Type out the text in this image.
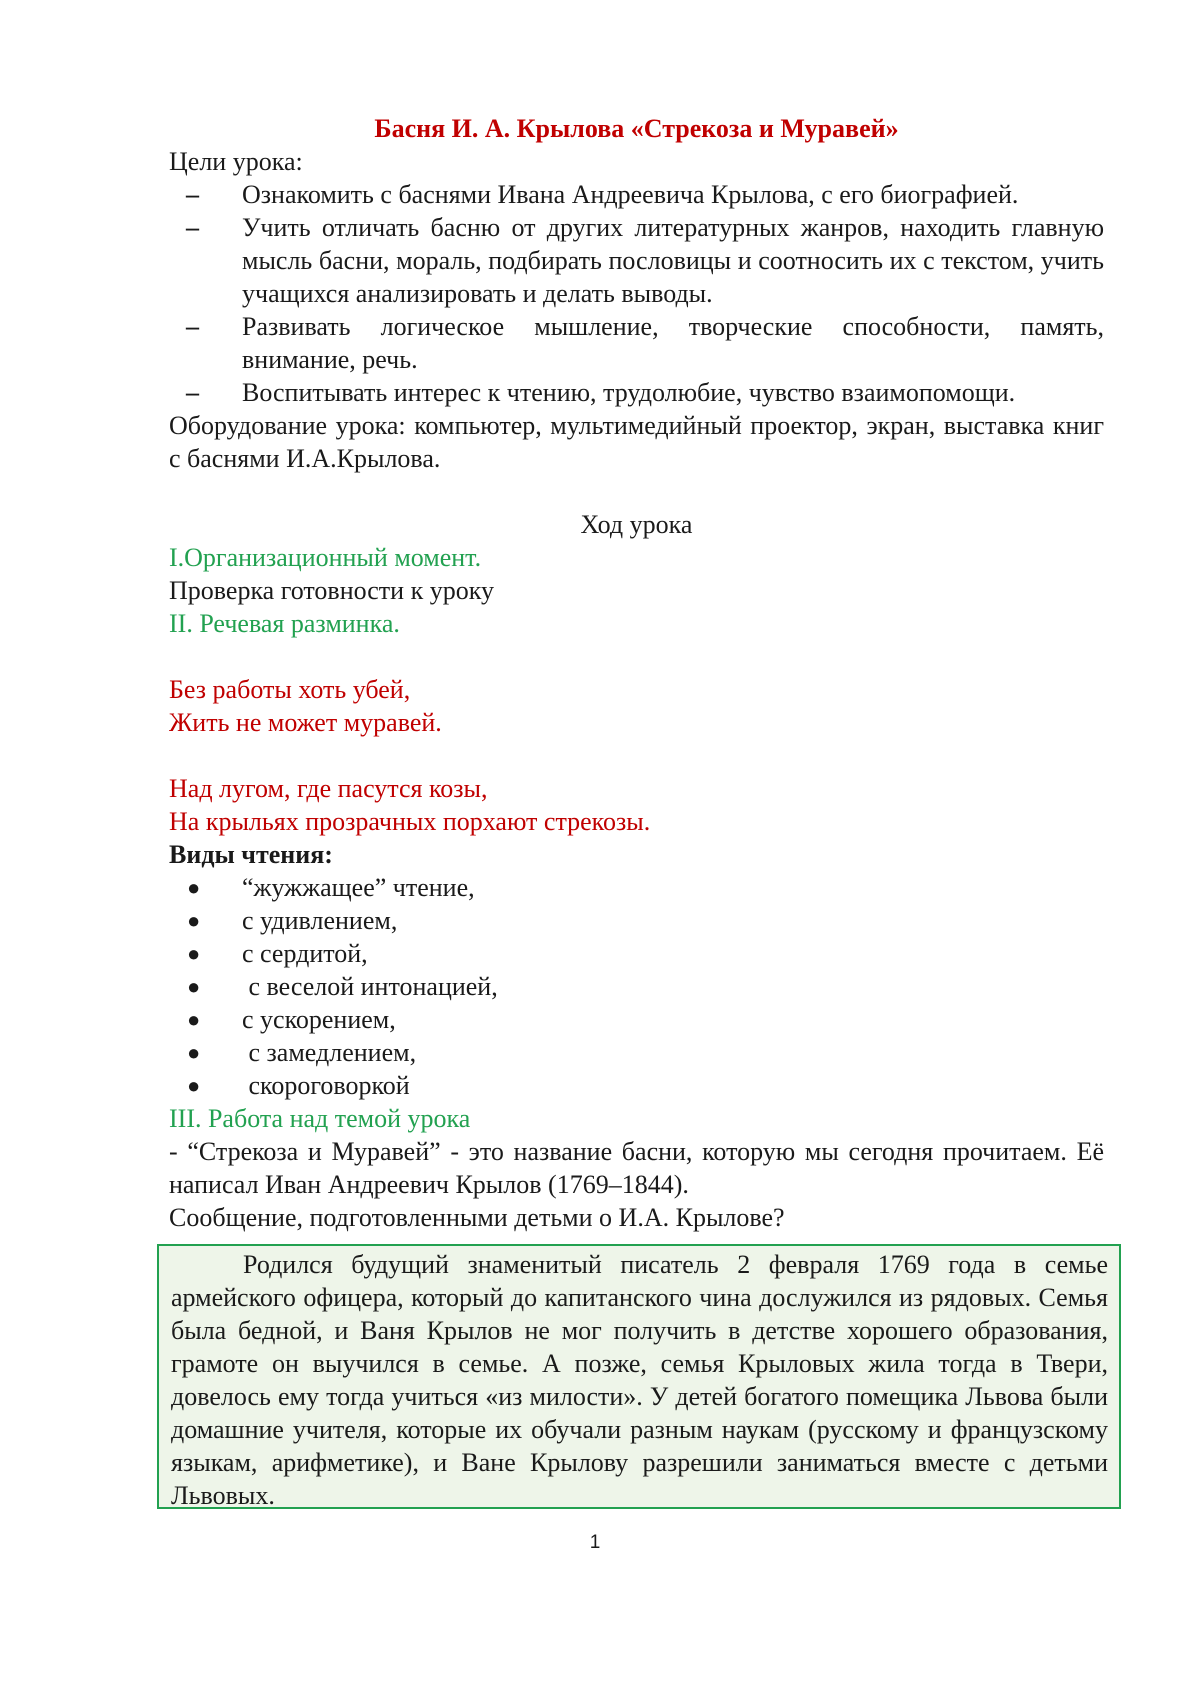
Басня И. А. Крылова «Стрекоза и Муравей»

Цели урока:

– Ознакомить с баснями Ивана Андреевича Крылова, с его биографией.
– Учить отличать басню от других литературных жанров, находить главную мысль басни, мораль, подбирать пословицы и соотносить их с текстом, учить учащихся анализировать и делать выводы.
– Развивать логическое мышление, творческие способности, память, внимание, речь.
– Воспитывать интерес к чтению, трудолюбие, чувство взаимопомощи.

Оборудование урока: компьютер, мультимедийный проектор, экран, выставка книг с баснями И.А.Крылова.

Ход урока

I.Организационный момент.

Проверка готовности к уроку

II. Речевая разминка.

Без работы хоть убей,

Жить не может муравей.

Над лугом, где пасутся козы,

На крыльях прозрачных порхают стрекозы.

Виды чтения:

● “жужжащее” чтение,
● с удивлением,
● с сердитой,
● с веселой интонацией,
● с ускорением,
● с замедлением,
● скороговоркой

III. Работа над темой урока

- “Стрекоза и Муравей” - это название басни, которую мы сегодня прочитаем. Её написал Иван Андреевич Крылов (1769–1844).

Сообщение, подготовленными детьми о И.А. Крылове?

Родился будущий знаменитый писатель 2 февраля 1769 года в семье армейского офицера, который до капитанского чина дослужился из рядовых. Семья была бедной, и Ваня Крылов не мог получить в детстве хорошего образования, грамоте он выучился в семье. А позже, семья Крыловых жила тогда в Твери, довелось ему тогда учиться «из милости». У детей богатого помещика Львова были домашние учителя, которые их обучали разным наукам (русскому и французскому языкам, арифметике), и Ване Крылову разрешили заниматься вместе с детьми Львовых.
1
